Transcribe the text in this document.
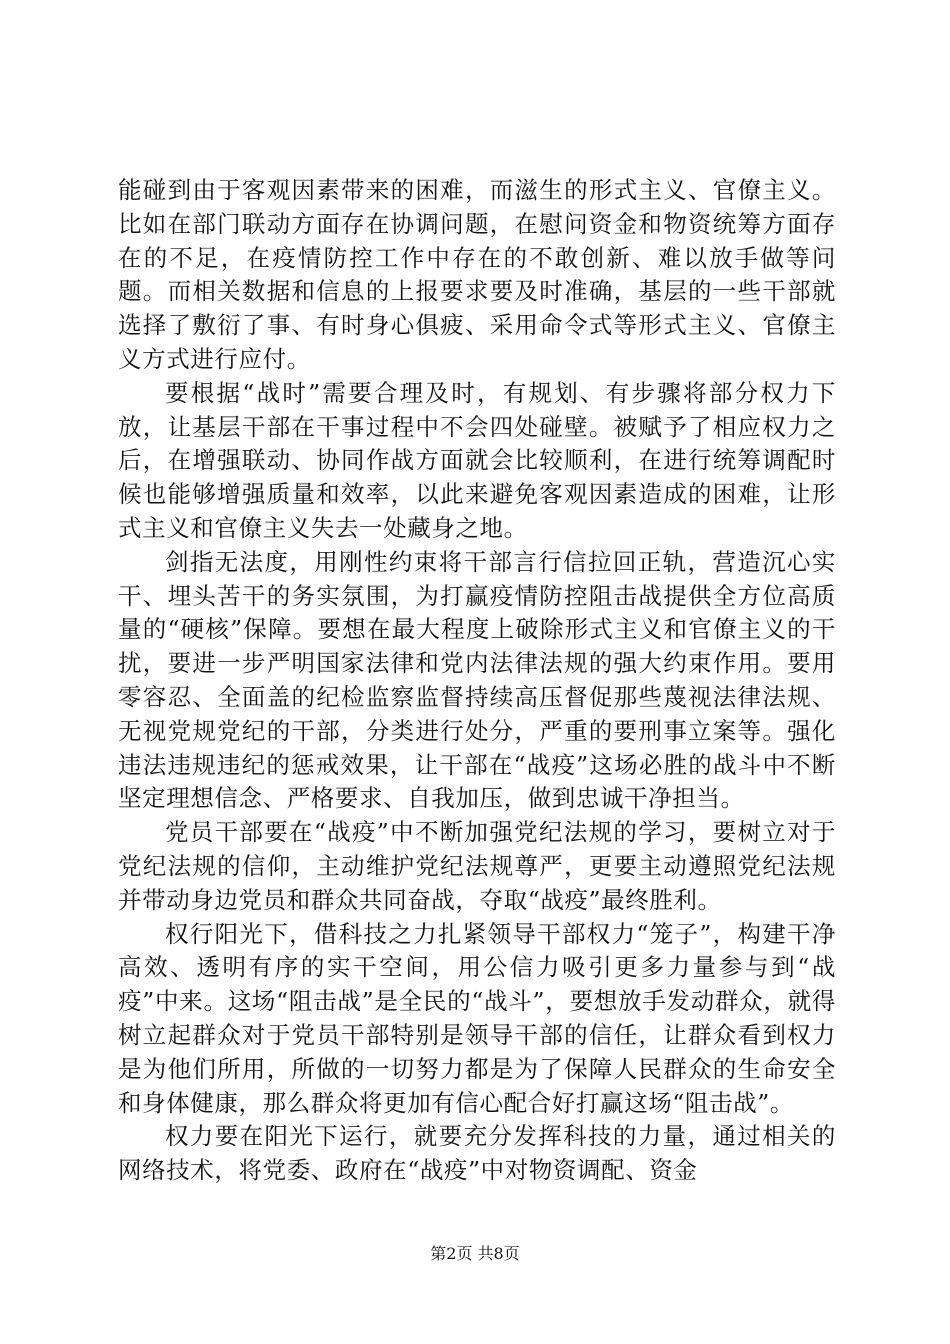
能碰到由于客观因素带来的困难，而滋生的形式主义、官僚主义。比如在部门联动方面存在协调问题，在慰问资金和物资统筹方面存在的不足，在疫情防控工作中存在的不敢创新、难以放手做等问题。而相关数据和信息的上报要求要及时准确，基层的一些干部就选择了敷衍了事、有时身心俱疲、采用命令式等形式主义、官僚主义方式进行应付。

要根据“战时”需要合理及时，有规划、有步骤将部分权力下放，让基层干部在干事过程中不会四处碰壁。被赋予了相应权力之后，在增强联动、协同作战方面就会比较顺利，在进行统筹调配时候也能够增强质量和效率，以此来避免客观因素造成的困难，让形式主义和官僚主义失去一处藏身之地。

剑指无法度，用刚性约束将干部言行信拉回正轨，营造沉心实干、埋头苦干的务实氛围，为打赢疫情防控阻击战提供全方位高质量的“硬核”保障。要想在最大程度上破除形式主义和官僚主义的干扰，要进一步严明国家法律和党内法律法规的强大约束作用。要用零容忍、全面盖的纪检监察监督持续高压督促那些蔑视法律法规、无视党规党纪的干部，分类进行处分，严重的要刑事立案等。强化违法违规违纪的惩戒效果，让干部在“战疫”这场必胜的战斗中不断坚定理想信念、严格要求、自我加压，做到忠诚干净担当。

党员干部要在“战疫”中不断加强党纪法规的学习，要树立对于党纪法规的信仰，主动维护党纪法规尊严，更要主动遵照党纪法规并带动身边党员和群众共同奋战，夺取“战疫”最终胜利。

权行阳光下，借科技之力扎紧领导干部权力“笼子”，构建干净高效、透明有序的实干空间，用公信力吸引更多力量参与到“战疫”中来。这场“阻击战”是全民的“战斗”，要想放手发动群众，就得树立起群众对于党员干部特别是领导干部的信任，让群众看到权力是为他们所用，所做的一切努力都是为了保障人民群众的生命安全和身体健康，那么群众将更加有信心配合好打赢这场“阻击战”。

权力要在阳光下运行，就要充分发挥科技的力量，通过相关的网络技术，将党委、政府在“战疫”中对物资调配、资金

第2页 共8页
